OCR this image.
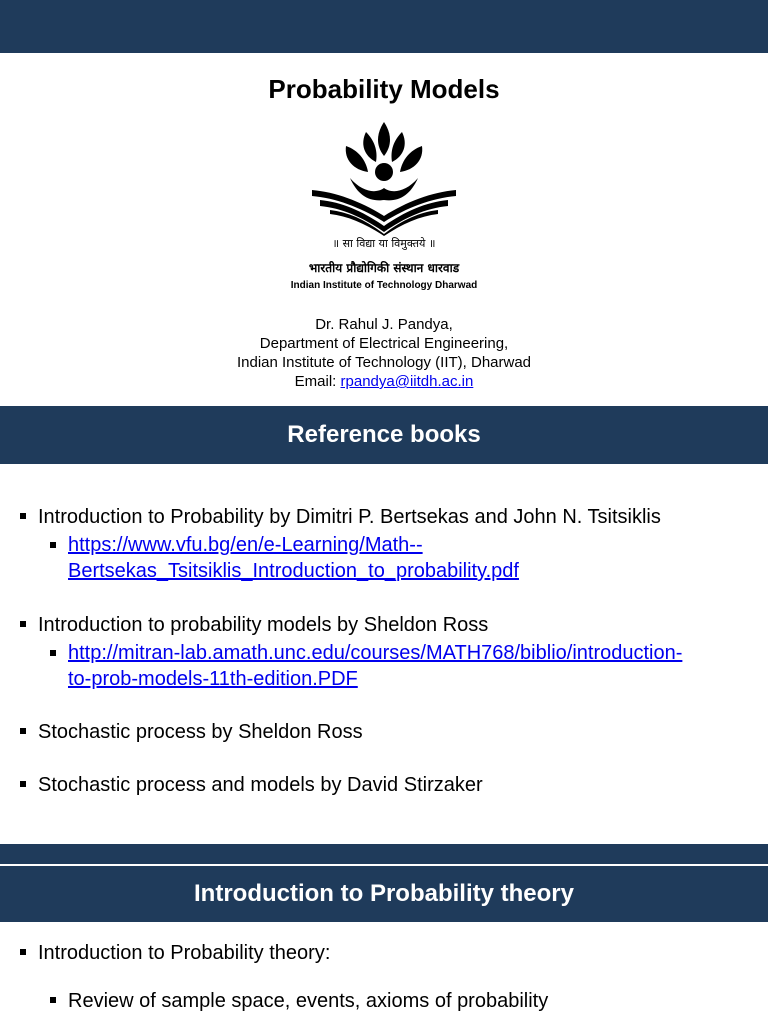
Probability Models
॥ सा विद्या या विमुक्तये ॥
भारतीय प्रौद्योगिकी संस्थान धारवाड
Indian Institute of Technology Dharwad
Dr. Rahul J. Pandya,
Department of Electrical Engineering,
Indian Institute of Technology (IIT), Dharwad
Email: rpandya@iitdh.ac.in
Reference books
Introduction to Probability by Dimitri P. Bertsekas and John N. Tsitsiklis
https://www.vfu.bg/en/e-Learning/Math--
Bertsekas_Tsitsiklis_Introduction_to_probability.pdf
Introduction to probability models by Sheldon Ross
http://mitran-lab.amath.unc.edu/courses/MATH768/biblio/introduction-
to-prob-models-11th-edition.PDF
Stochastic process by Sheldon Ross
Stochastic process and models by David Stirzaker
Introduction to Probability theory
Introduction to Probability theory:
Review of sample space, events, axioms of probability
